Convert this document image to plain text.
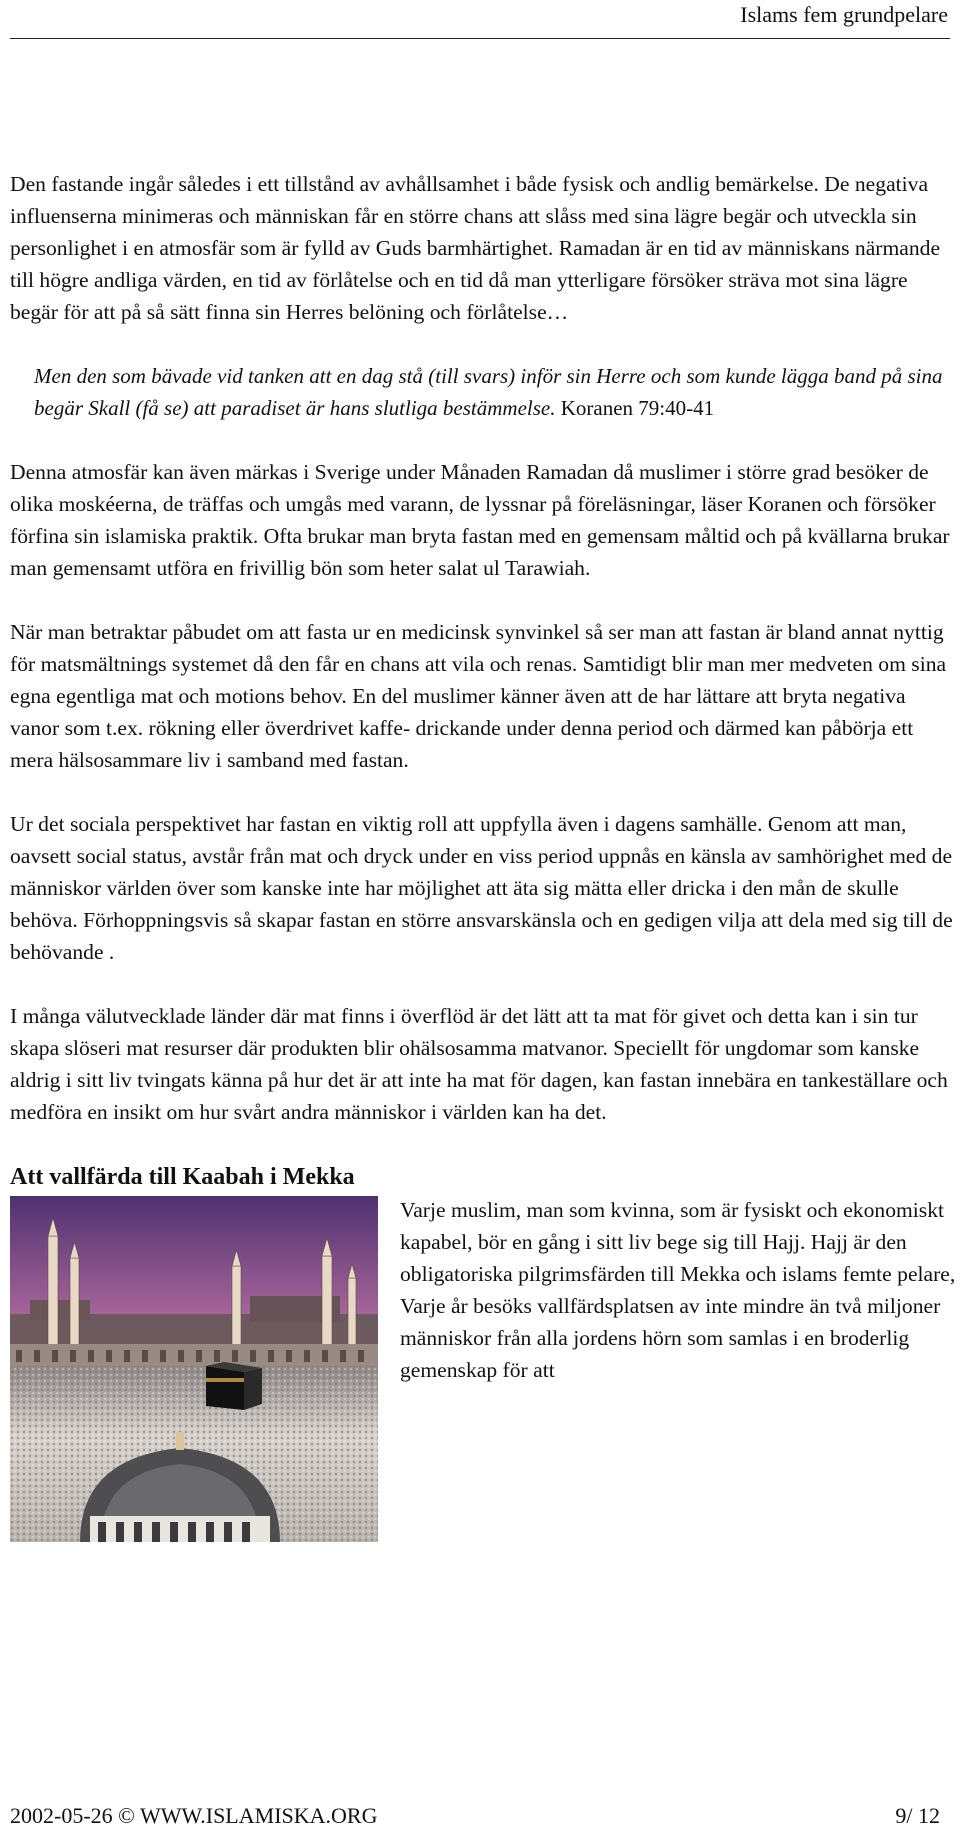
Islams fem grundpelare

Den fastande ingår således i ett tillstånd av avhållsamhet i både fysisk och andlig bemärkelse. De negativa influenserna minimeras och människan får en större chans att slåss med sina lägre begär och utveckla sin personlighet i en atmosfär som är fylld av Guds barmhärtighet. Ramadan är en tid av människans närmande till högre andliga värden, en tid av förlåtelse och en tid då man ytterligare försöker sträva mot sina lägre begär för att på så sätt finna sin Herres belöning och förlåtelse…

Men den som bävade vid tanken att en dag stå (till svars) inför sin Herre och som kunde lägga band på sina begär Skall (få se) att paradiset är hans slutliga bestämmelse. Koranen 79:40-41

Denna atmosfär kan även märkas i Sverige under Månaden Ramadan då muslimer i större grad besöker de olika moskéerna, de träffas och umgås med varann, de lyssnar på föreläsningar, läser Koranen och försöker förfina sin islamiska praktik. Ofta brukar man bryta fastan med en gemensam måltid och på kvällarna brukar man gemensamt utföra en frivillig bön som heter salat ul Tarawiah.

När man betraktar påbudet om att fasta ur en medicinsk synvinkel så ser man att fastan är bland annat nyttig för matsmältnings systemet då den får en chans att vila och renas. Samtidigt blir man mer medveten om sina egna egentliga mat och motions behov. En del muslimer känner även att de har lättare att bryta negativa vanor som t.ex. rökning eller överdrivet kaffe- drickande under denna period och därmed kan påbörja ett mera hälsosammare liv i samband med fastan.

Ur det sociala perspektivet har fastan en viktig roll att uppfylla även i dagens samhälle. Genom att man, oavsett social status, avstår från mat och dryck under en viss period uppnås en känsla av samhörighet med de människor världen över som kanske inte har möjlighet att äta sig mätta eller dricka i den mån de skulle behöva. Förhoppningsvis så skapar fastan en större ansvarskänsla och en gedigen vilja att dela med sig till de behövande .

I många välutvecklade länder där mat finns i överflöd är det lätt att ta mat för givet och detta kan i sin tur skapa slöseri mat resurser där produkten blir ohälsosamma matvanor. Speciellt för ungdomar som kanske aldrig i sitt liv tvingats känna på hur det är att inte ha mat för dagen, kan fastan innebära en tankeställare och medföra en insikt om hur svårt andra människor i världen kan ha det.

Att vallfärda till Kaabah i Mekka

Varje muslim, man som kvinna, som är fysiskt och ekonomiskt kapabel, bör en gång i sitt liv bege sig till Hajj. Hajj är den obligatoriska pilgrimsfärden till Mekka och islams femte pelare, Varje år besöks vallfärdsplatsen av inte mindre än två miljoner människor från alla jordens hörn som samlas i en broderlig gemenskap för att

2002-05-26 © WWW.ISLAMISKA.ORG	9/ 12
